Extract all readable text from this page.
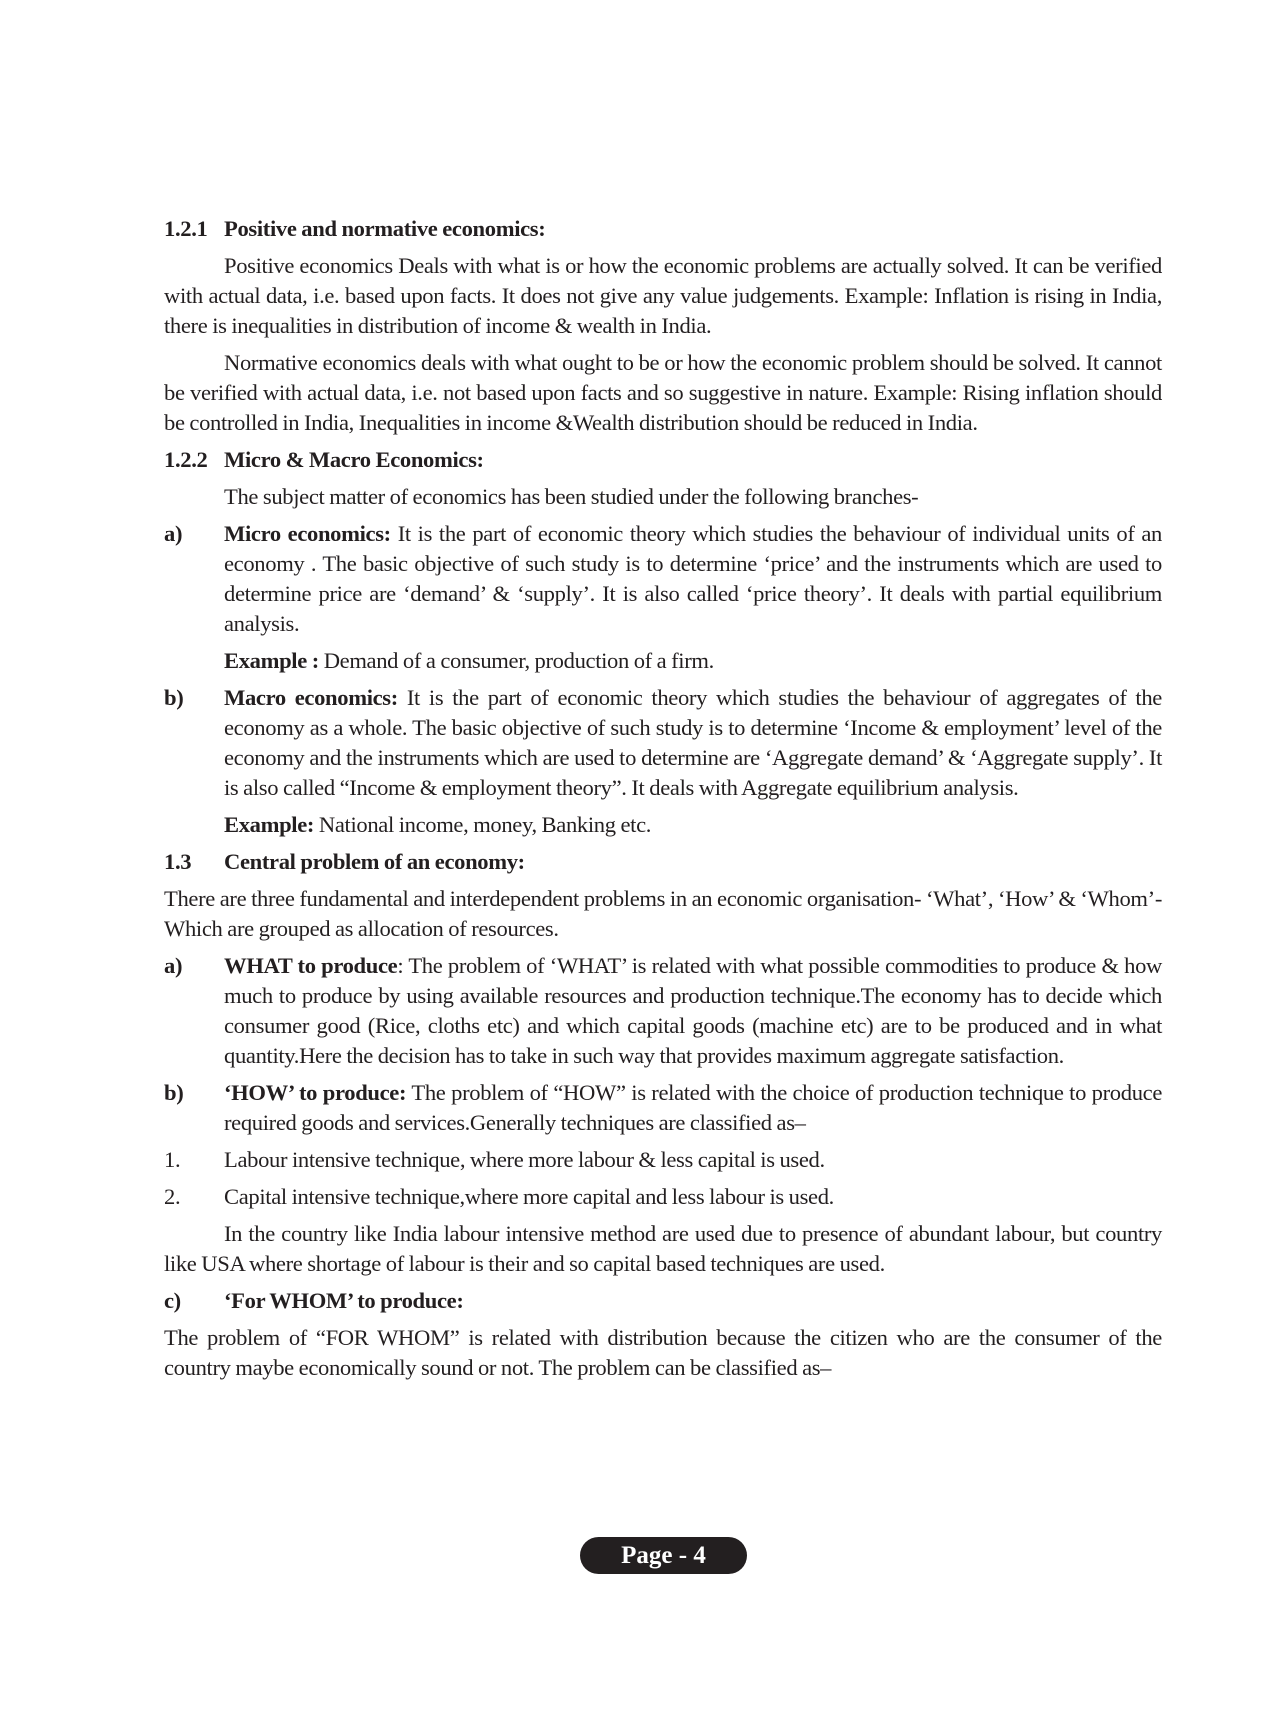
1.2.1 Positive and normative economics:

Positive economics Deals with what is or how the economic problems are actually solved. It can be verified with actual data, i.e. based upon facts. It does not give any value judgements. Example: Inflation is rising in India, there is inequalities in distribution of income & wealth in India.

Normative economics deals with what ought to be or how the economic problem should be solved. It cannot be verified with actual data, i.e. not based upon facts and so suggestive in nature. Example: Rising inflation should be controlled in India, Inequalities in income &Wealth distribution should be reduced in India.

1.2.2 Micro & Macro Economics:

The subject matter of economics has been studied under the following branches-

a)	Micro economics: It is the part of economic theory which studies the behaviour of individual units of an economy . The basic objective of such study is to determine ‘price’ and the instruments which are used to determine price are ‘demand’ & ‘supply’. It is also called ‘price theory’. It deals with partial equilibrium analysis.

Example : Demand of a consumer, production of a firm.

b)	Macro economics: It is the part of economic theory which studies the behaviour of aggregates of the economy as a whole. The basic objective of such study is to determine ‘Income & employment’ level of the economy and the instruments which are used to determine are ‘Aggregate demand’ & ‘Aggregate supply’. It is also called “Income & employment theory”. It deals with Aggregate equilibrium analysis.

Example: National income, money, Banking etc.

1.3 Central problem of an economy:

There are three fundamental and interdependent problems in an economic organisation- ‘What’, ‘How’ & ‘Whom’- Which are grouped as allocation of resources.

a)	WHAT to produce: The problem of ‘WHAT’ is related with what possible commodities to produce & how much to produce by using available resources and production technique.The economy has to decide which consumer good (Rice, cloths etc) and which capital goods (machine etc) are to be produced and in what quantity.Here the decision has to take in such way that provides maximum aggregate satisfaction.
b)	‘HOW’ to produce: The problem of “HOW” is related with the choice of production technique to produce required goods and services.Generally techniques are classified as–
1.	Labour intensive technique, where more labour & less capital is used.
2.	Capital intensive technique,where more capital and less labour is used.

In the country like India labour intensive method are used due to presence of abundant labour, but country like USA where shortage of labour is their and so capital based techniques are used.

c)	‘For WHOM’ to produce:

The problem of “FOR WHOM” is related with distribution because the citizen who are the consumer of the country maybe economically sound or not. The problem can be classified as–

Page - 4
